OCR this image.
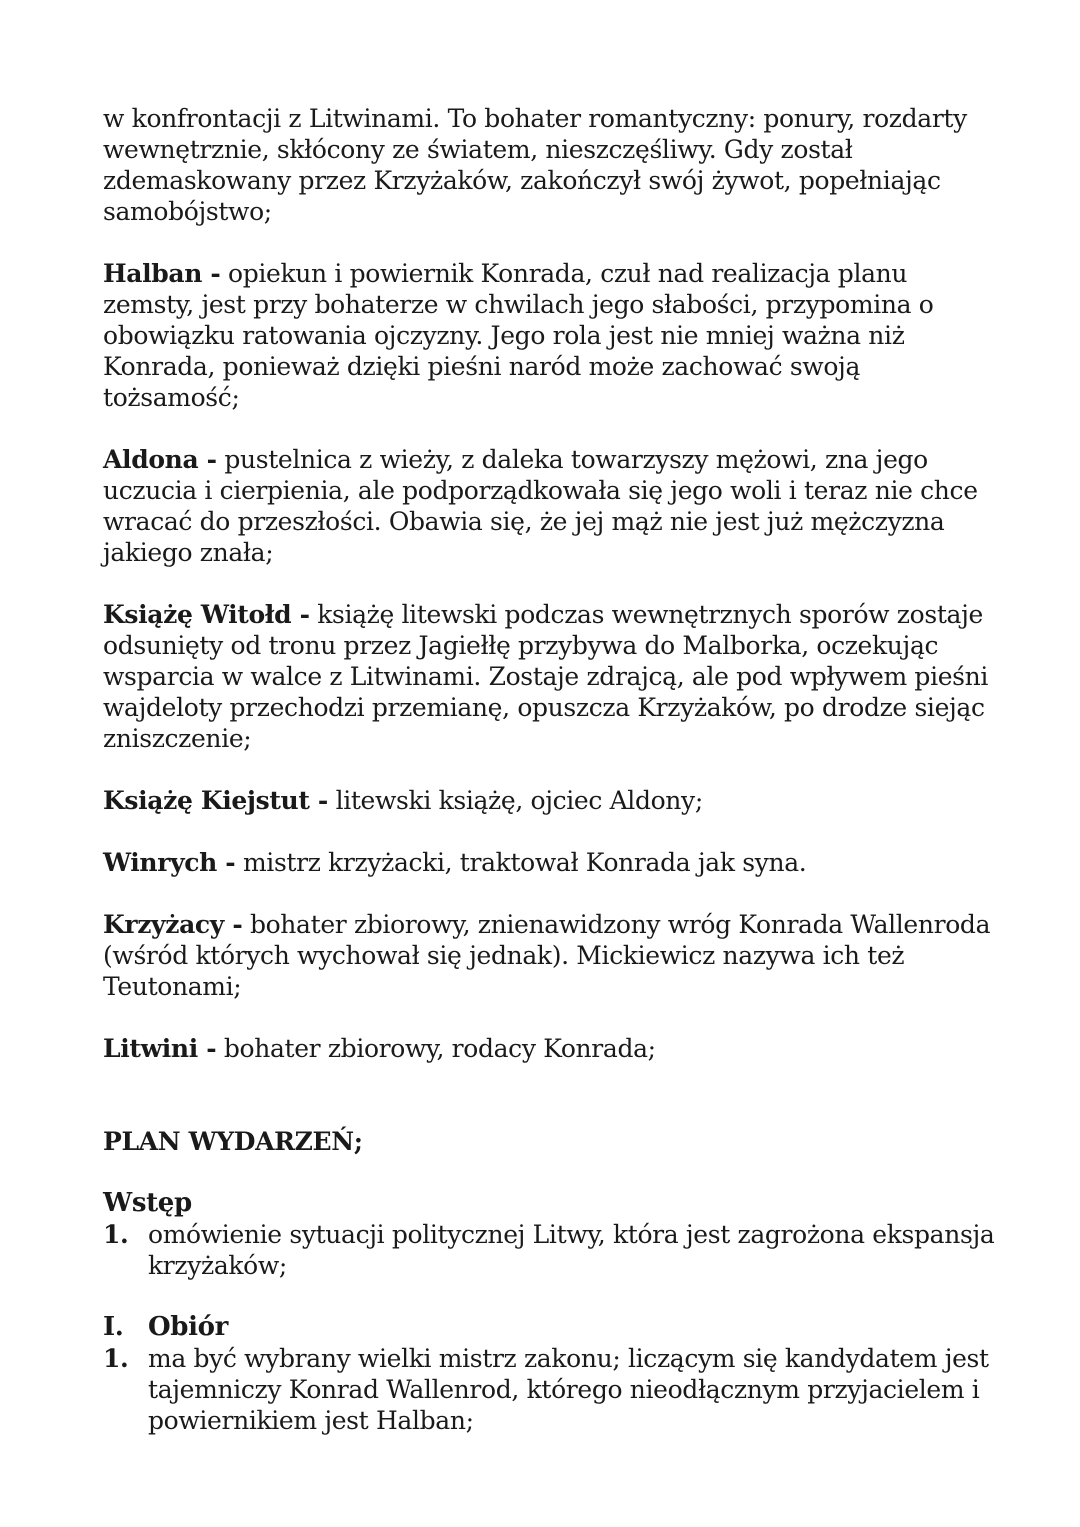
w konfrontacji z Litwinami. To bohater romantyczny: ponury, rozdarty wewnętrznie, skłócony ze światem, nieszczęśliwy. Gdy został zdemaskowany przez Krzyżaków, zakończył swój żywot, popełniając samobójstwo;

Halban - opiekun i powiernik Konrada, czuł nad realizacja planu zemsty, jest przy bohaterze w chwilach jego słabości, przypomina o obowiązku ratowania ojczyzny. Jego rola jest nie mniej ważna niż Konrada, ponieważ dzięki pieśni naród może zachować swoją tożsamość;

Aldona - pustelnica z wieży, z daleka towarzyszy mężowi, zna jego uczucia i cierpienia, ale podporządkowała się jego woli i teraz nie chce wracać do przeszłości. Obawia się, że jej mąż nie jest już mężczyzna jakiego znała;

Książę Witołd - książę litewski podczas wewnętrznych sporów zostaje odsunięty od tronu przez Jagiełłę przybywa do Malborka, oczekując wsparcia w walce z Litwinami. Zostaje zdrajcą, ale pod wpływem pieśni wajdeloty przechodzi przemianę, opuszcza Krzyżaków, po drodze siejąc zniszczenie;

Książę Kiejstut - litewski książę, ojciec Aldony;

Winrych - mistrz krzyżacki, traktował Konrada jak syna.

Krzyżacy - bohater zbiorowy, znienawidzony wróg Konrada Wallenroda (wśród których wychował się jednak). Mickiewicz nazywa ich też Teutonami;

Litwini - bohater zbiorowy, rodacy Konrada;

PLAN WYDARZEŃ;

Wstęp

1. omówienie sytuacji politycznej Litwy, która jest zagrożona ekspansja krzyżaków;
I. Obiór
1. ma być wybrany wielki mistrz zakonu; liczącym się kandydatem jest tajemniczy Konrad Wallenrod, którego nieodłącznym przyjacielem i powiernikiem jest Halban;
